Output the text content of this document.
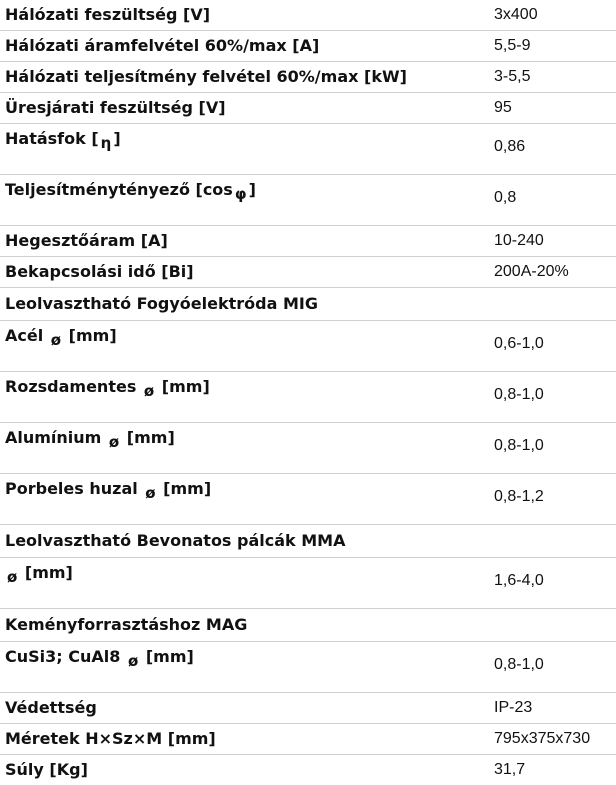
Hálózati feszültség [V]	3x400
Hálózati áramfelvétel 60%/max [A]	5,5-9
Hálózati teljesítmény felvétel 60%/max [kW]	3-5,5
Üresjárati feszültség [V]	95
Hatásfok [ η ]	0,86
Teljesítménytényező [cos φ ]	0,8
Hegesztőáram [A]	10-240
Bekapcsolási idő [Bi]	200A-20%
Leolvasztható Fogyóelektróda MIG	
Acél ø [mm]	0,6-1,0
Rozsdamentes ø [mm]	0,8-1,0
Alumínium ø [mm]	0,8-1,0
Porbeles huzal ø [mm]	0,8-1,2
Leolvasztható Bevonatos pálcák MMA	
ø [mm]	1,6-4,0
Keményforrasztáshoz MAG	
CuSi3; CuAl8 ø [mm]	0,8-1,0
Védettség	IP-23
Méretek H×Sz×M [mm]	795x375x730
Súly [Kg]	31,7
